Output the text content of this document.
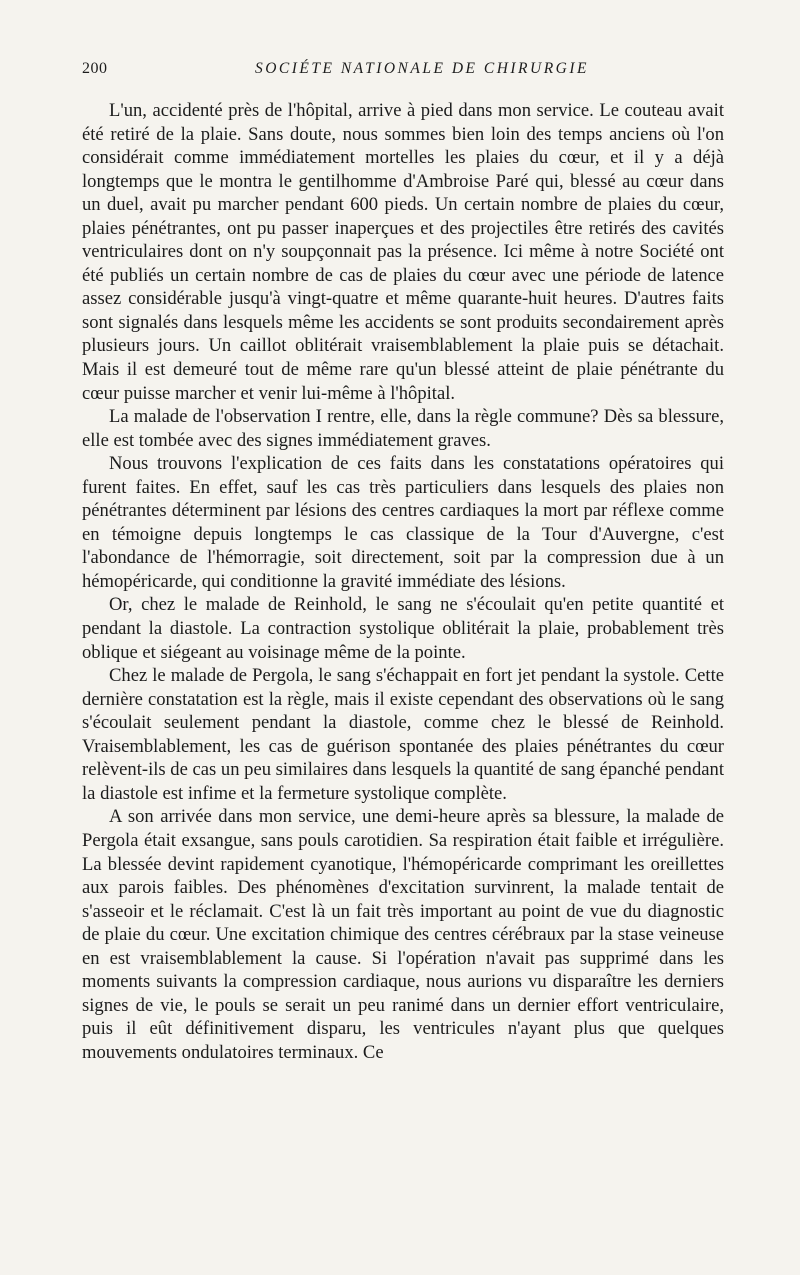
200	SOCIÉTE NATIONALE DE CHIRURGIE

L'un, accidenté près de l'hôpital, arrive à pied dans mon service. Le couteau avait été retiré de la plaie. Sans doute, nous sommes bien loin des temps anciens où l'on considérait comme immédiatement mortelles les plaies du cœur, et il y a déjà longtemps que le montra le gentilhomme d'Ambroise Paré qui, blessé au cœur dans un duel, avait pu marcher pendant 600 pieds. Un certain nombre de plaies du cœur, plaies pénétrantes, ont pu passer inaperçues et des projectiles être retirés des cavités ventriculaires dont on n'y soupçonnait pas la présence. Ici même à notre Société ont été publiés un certain nombre de cas de plaies du cœur avec une période de latence assez considérable jusqu'à vingt-quatre et même quarante-huit heures. D'autres faits sont signalés dans lesquels même les accidents se sont produits secondairement après plusieurs jours. Un caillot oblitérait vraisemblablement la plaie puis se détachait. Mais il est demeuré tout de même rare qu'un blessé atteint de plaie pénétrante du cœur puisse marcher et venir lui-même à l'hôpital.

La malade de l'observation I rentre, elle, dans la règle commune? Dès sa blessure, elle est tombée avec des signes immédiatement graves.

Nous trouvons l'explication de ces faits dans les constatations opératoires qui furent faites. En effet, sauf les cas très particuliers dans lesquels des plaies non pénétrantes déterminent par lésions des centres cardiaques la mort par réflexe comme en témoigne depuis longtemps le cas classique de la Tour d'Auvergne, c'est l'abondance de l'hémorragie, soit directement, soit par la compression due à un hémopéricarde, qui conditionne la gravité immédiate des lésions.

Or, chez le malade de Reinhold, le sang ne s'écoulait qu'en petite quantité et pendant la diastole. La contraction systolique oblitérait la plaie, probablement très oblique et siégeant au voisinage même de la pointe.

Chez le malade de Pergola, le sang s'échappait en fort jet pendant la systole. Cette dernière constatation est la règle, mais il existe cependant des observations où le sang s'écoulait seulement pendant la diastole, comme chez le blessé de Reinhold. Vraisemblablement, les cas de guérison spontanée des plaies pénétrantes du cœur relèvent-ils de cas un peu similaires dans lesquels la quantité de sang épanché pendant la diastole est infime et la fermeture systolique complète.

A son arrivée dans mon service, une demi-heure après sa blessure, la malade de Pergola était exsangue, sans pouls carotidien. Sa respiration était faible et irrégulière. La blessée devint rapidement cyanotique, l'hémopéricarde comprimant les oreillettes aux parois faibles. Des phénomènes d'excitation survinrent, la malade tentait de s'asseoir et le réclamait. C'est là un fait très important au point de vue du diagnostic de plaie du cœur. Une excitation chimique des centres cérébraux par la stase veineuse en est vraisemblablement la cause. Si l'opération n'avait pas supprimé dans les moments suivants la compression cardiaque, nous aurions vu disparaître les derniers signes de vie, le pouls se serait un peu ranimé dans un dernier effort ventriculaire, puis il eût définitivement disparu, les ventricules n'ayant plus que quelques mouvements ondulatoires terminaux. Ce
